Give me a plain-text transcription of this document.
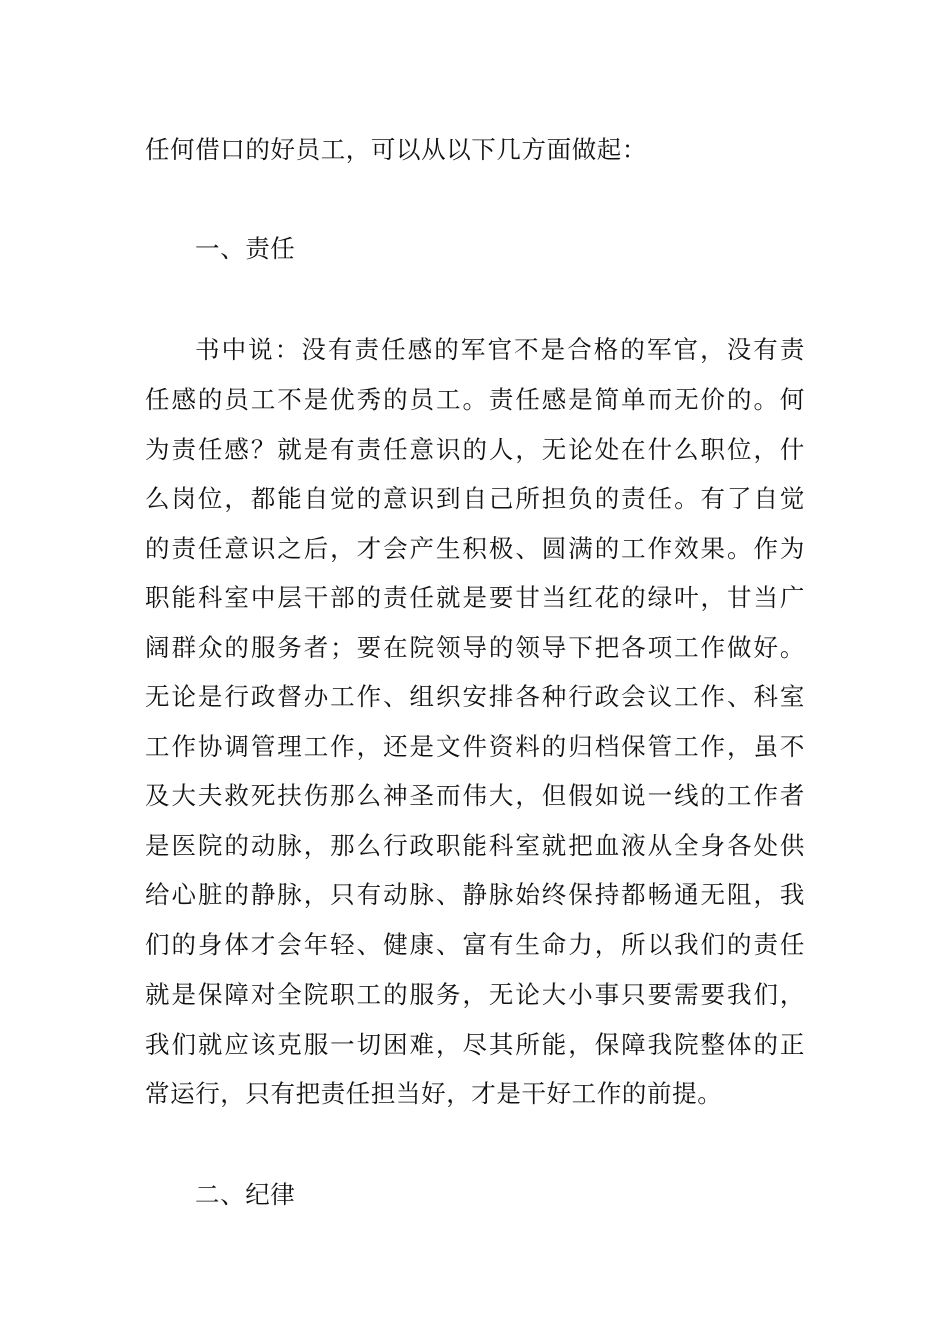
任何借口的好员工，可以从以下几方面做起：
一、责任
书中说：没有责任感的军官不是合格的军官，没有责
任感的员工不是优秀的员工。责任感是简单而无价的。何
为责任感？就是有责任意识的人，无论处在什么职位，什
么岗位，都能自觉的意识到自己所担负的责任。有了自觉
的责任意识之后，才会产生积极、圆满的工作效果。作为
职能科室中层干部的责任就是要甘当红花的绿叶，甘当广
阔群众的服务者；要在院领导的领导下把各项工作做好。
无论是行政督办工作、组织安排各种行政会议工作、科室
工作协调管理工作，还是文件资料的归档保管工作，虽不
及大夫救死扶伤那么神圣而伟大，但假如说一线的工作者
是医院的动脉，那么行政职能科室就把血液从全身各处供
给心脏的静脉，只有动脉、静脉始终保持都畅通无阻，我
们的身体才会年轻、健康、富有生命力，所以我们的责任
就是保障对全院职工的服务，无论大小事只要需要我们，
我们就应该克服一切困难，尽其所能，保障我院整体的正
常运行，只有把责任担当好，才是干好工作的前提。
二、纪律
